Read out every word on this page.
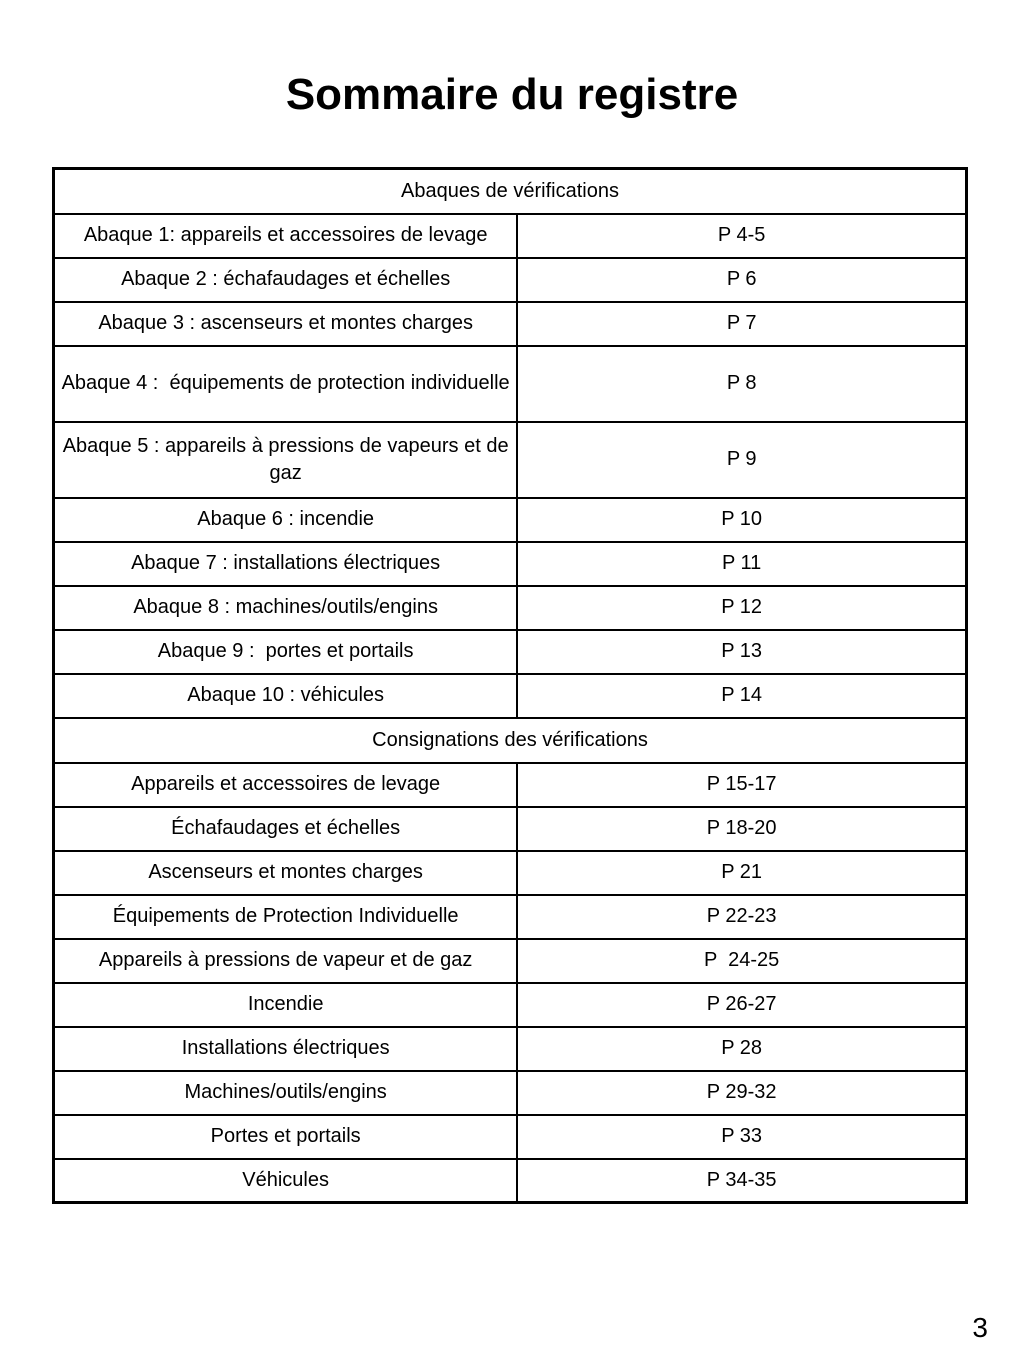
Sommaire du registre
Abaques de vérifications	
Abaque 1: appareils et accessoires de levage	P 4-5
Abaque 2 : échafaudages et échelles	P 6
Abaque 3 : ascenseurs et montes charges	P 7
Abaque 4 :  équipements de protection individuelle	P 8
Abaque 5 : appareils à pressions de vapeurs et de gaz	P 9
Abaque 6 : incendie	P 10
Abaque 7 : installations électriques	P 11
Abaque 8 : machines/outils/engins	P 12
Abaque 9 :  portes et portails	P 13
Abaque 10 : véhicules	P 14
Consignations des vérifications	
Appareils et accessoires de levage	P 15-17
Échafaudages et échelles	P 18-20
Ascenseurs et montes charges	P 21
Équipements de Protection Individuelle	P 22-23
Appareils à pressions de vapeur et de gaz	P  24-25
Incendie	P 26-27
Installations électriques	P 28
Machines/outils/engins	P 29-32
Portes et portails	P 33
Véhicules	P 34-35
3
